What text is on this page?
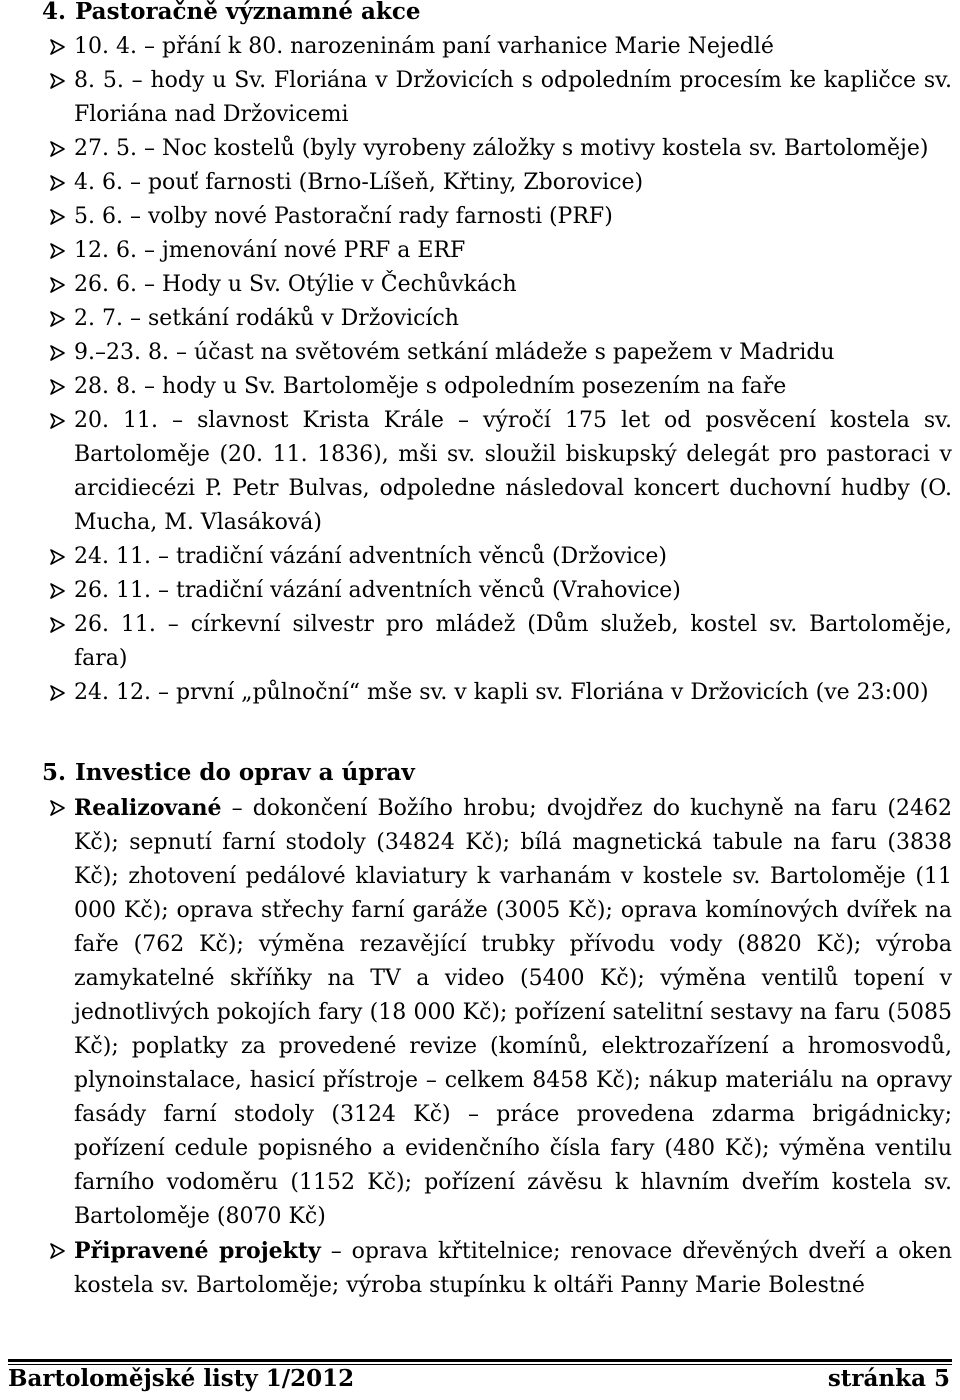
4. Pastoračně významné akce
10. 4. – přání k 80. narozeninám paní varhanice Marie Nejedlé
8. 5. – hody u Sv. Floriána v Držovicích s odpoledním procesím ke kapličce sv. Floriána nad Držovicemi
27. 5. – Noc kostelů (byly vyrobeny záložky s motivy kostela sv. Bartoloměje)
4. 6. – pouť farnosti (Brno-Líšeň, Křtiny, Zborovice)
5. 6. – volby nové Pastorační rady farnosti (PRF)
12. 6. – jmenování nové PRF a ERF
26. 6. – Hody u Sv. Otýlie v Čechůvkách
2. 7. – setkání rodáků v Držovicích
9.–23. 8. – účast na světovém setkání mládeže s papežem v Madridu
28. 8. – hody u Sv. Bartoloměje s odpoledním posezením na faře
20. 11. – slavnost Krista Krále – výročí 175 let od posvěcení kostela sv. Bartoloměje (20. 11. 1836), mši sv. sloužil biskupský delegát pro pastoraci v arcidiecézi P. Petr Bulvas, odpoledne následoval koncert duchovní hudby (O. Mucha, M. Vlasáková)
24. 11. – tradiční vázání adventních věnců (Držovice)
26. 11. – tradiční vázání adventních věnců (Vrahovice)
26. 11. – církevní silvestr pro mládež (Dům služeb, kostel sv. Bartoloměje, fara)
24. 12. – první „půlnoční“ mše sv. v kapli sv. Floriána v Držovicích (ve 23:00)
5. Investice do oprav a úprav
Realizované – dokončení Božího hrobu; dvojdřez do kuchyně na faru (2462 Kč); sepnutí farní stodoly (34824 Kč); bílá magnetická tabule na faru (3838 Kč); zhotovení pedálové klaviatury k varhanám v kostele sv. Bartoloměje (11 000 Kč); oprava střechy farní garáže (3005 Kč); oprava komínových dvířek na faře (762 Kč); výměna rezavějící trubky přívodu vody (8820 Kč); výroba zamykatelné skříňky na TV a video (5400 Kč); výměna ventilů topení v jednotlivých pokojích fary (18 000 Kč); pořízení satelitní sestavy na faru (5085 Kč); poplatky za provedené revize (komínů, elektrozařízení a hromosvodů, plynoinstalace, hasicí přístroje – celkem 8458 Kč); nákup materiálu na opravy fasády farní stodoly (3124 Kč) – práce provedena zdarma brigádnicky; pořízení cedule popisného a evidenčního čísla fary (480 Kč); výměna ventilu farního vodoměru (1152 Kč); pořízení závěsu k hlavním dveřím kostela sv. Bartoloměje (8070 Kč)
Připravené projekty – oprava křtitelnice; renovace dřevěných dveří a oken kostela sv. Bartoloměje; výroba stupínku k oltáři Panny Marie Bolestné
Bartolomějské listy 1/2012	stránka 5
